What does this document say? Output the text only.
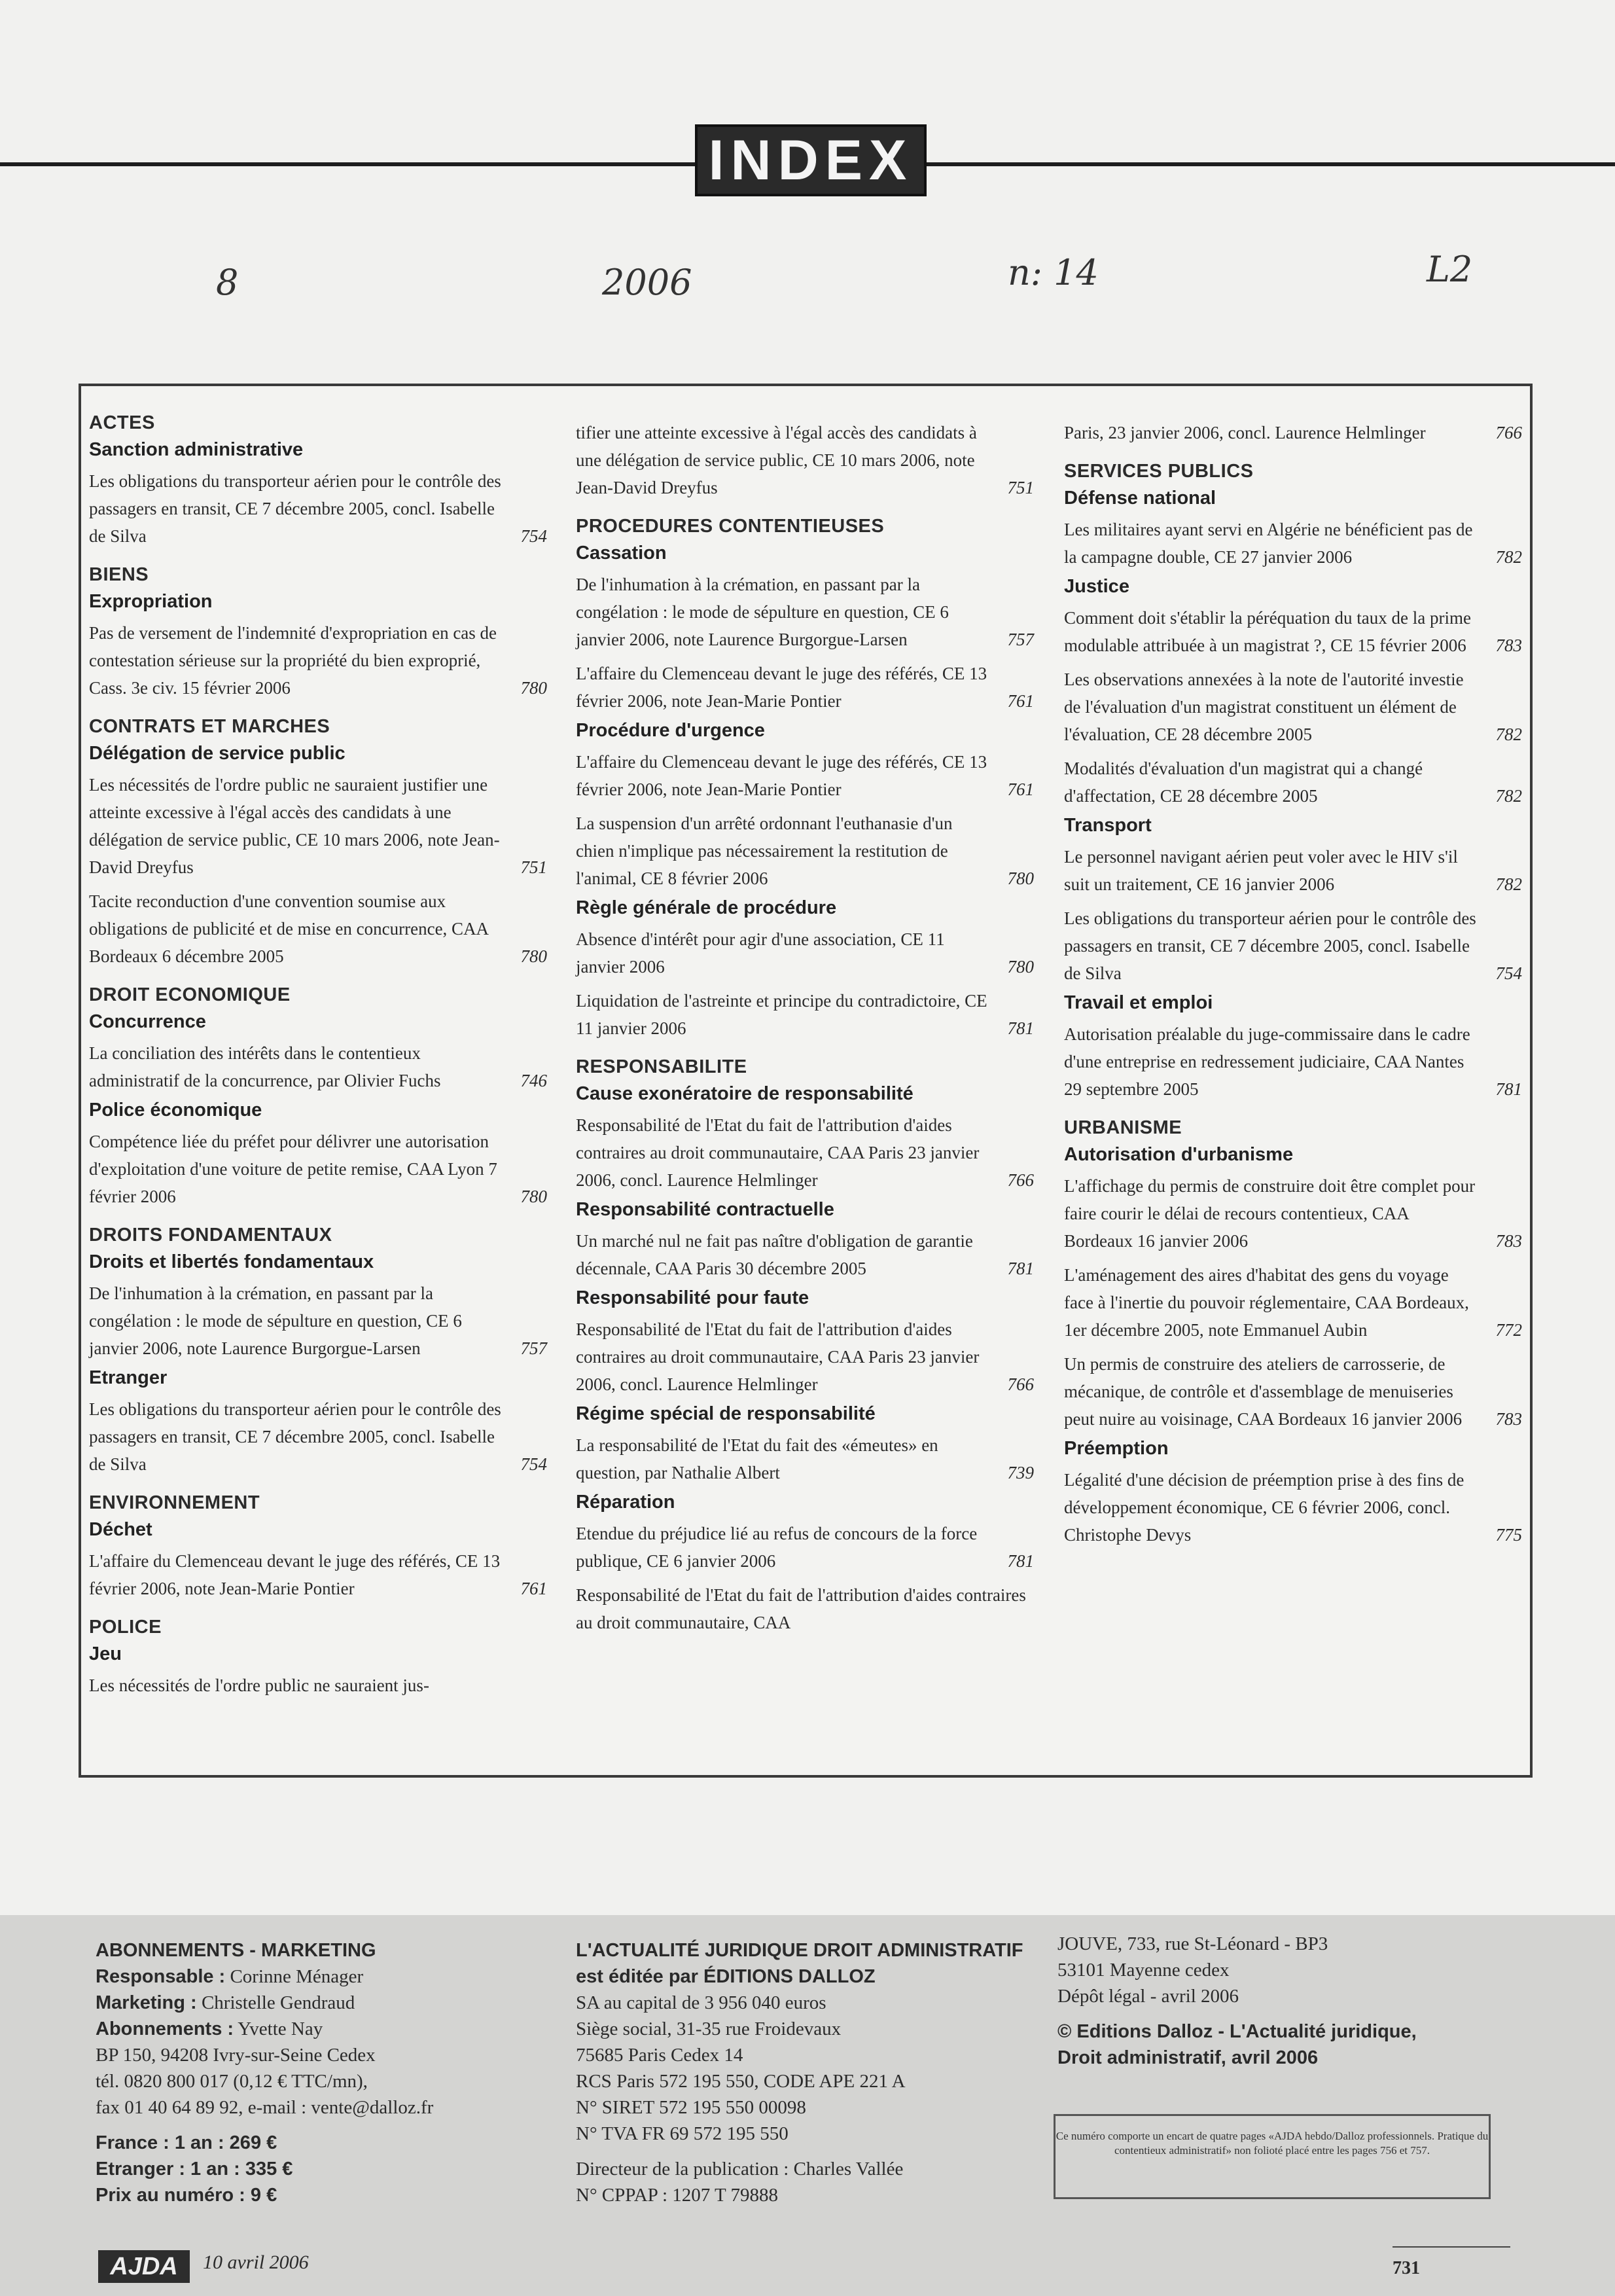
INDEX
8	2006	n: 14	L2
ACTES
Sanction administrative
Les obligations du transporteur aérien pour le contrôle des passagers en transit, CE 7 décembre 2005, concl. Isabelle de Silva	754
BIENS
Expropriation
Pas de versement de l'indemnité d'expropriation en cas de contestation sérieuse sur la propriété du bien exproprié, Cass. 3e civ. 15 février 2006	780
CONTRATS ET MARCHES
Délégation de service public
Les nécessités de l'ordre public ne sauraient justifier une atteinte excessive à l'égal accès des candidats à une délégation de service public, CE 10 mars 2006, note Jean-David Dreyfus	751
Tacite reconduction d'une convention soumise aux obligations de publicité et de mise en concurrence, CAA Bordeaux 6 décembre 2005	780
DROIT ECONOMIQUE
Concurrence
La conciliation des intérêts dans le contentieux administratif de la concurrence, par Olivier Fuchs	746
Police économique
Compétence liée du préfet pour délivrer une autorisation d'exploitation d'une voiture de petite remise, CAA Lyon 7 février 2006	780
DROITS FONDAMENTAUX
Droits et libertés fondamentaux
De l'inhumation à la crémation, en passant par la congélation : le mode de sépulture en question, CE 6 janvier 2006, note Laurence Burgorgue-Larsen	757
Etranger
Les obligations du transporteur aérien pour le contrôle des passagers en transit, CE 7 décembre 2005, concl. Isabelle de Silva	754
ENVIRONNEMENT
Déchet
L'affaire du Clemenceau devant le juge des référés, CE 13 février 2006, note Jean-Marie Pontier	761
POLICE
Jeu
Les nécessités de l'ordre public ne sauraient jus-
tifier une atteinte excessive à l'égal accès des candidats à une délégation de service public, CE 10 mars 2006, note Jean-David Dreyfus	751
PROCEDURES CONTENTIEUSES
Cassation
De l'inhumation à la crémation, en passant par la congélation : le mode de sépulture en question, CE 6 janvier 2006, note Laurence Burgorgue-Larsen	757
L'affaire du Clemenceau devant le juge des référés, CE 13 février 2006, note Jean-Marie Pontier	761
Procédure d'urgence
L'affaire du Clemenceau devant le juge des référés, CE 13 février 2006, note Jean-Marie Pontier	761
La suspension d'un arrêté ordonnant l'euthanasie d'un chien n'implique pas nécessairement la restitution de l'animal, CE 8 février 2006	780
Règle générale de procédure
Absence d'intérêt pour agir d'une association, CE 11 janvier 2006	780
Liquidation de l'astreinte et principe du contradictoire, CE 11 janvier 2006	781
RESPONSABILITE
Cause exonératoire de responsabilité
Responsabilité de l'Etat du fait de l'attribution d'aides contraires au droit communautaire, CAA Paris 23 janvier 2006, concl. Laurence Helmlinger	766
Responsabilité contractuelle
Un marché nul ne fait pas naître d'obligation de garantie décennale, CAA Paris 30 décembre 2005	781
Responsabilité pour faute
Responsabilité de l'Etat du fait de l'attribution d'aides contraires au droit communautaire, CAA Paris 23 janvier 2006, concl. Laurence Helmlinger	766
Régime spécial de responsabilité
La responsabilité de l'Etat du fait des «émeutes» en question, par Nathalie Albert	739
Réparation
Etendue du préjudice lié au refus de concours de la force publique, CE 6 janvier 2006	781
Responsabilité de l'Etat du fait de l'attribution d'aides contraires au droit communautaire, CAA
Paris, 23 janvier 2006, concl. Laurence Helmlinger	766
SERVICES PUBLICS
Défense national
Les militaires ayant servi en Algérie ne bénéficient pas de la campagne double, CE 27 janvier 2006	782
Justice
Comment doit s'établir la péréquation du taux de la prime modulable attribuée à un magistrat ?, CE 15 février 2006	783
Les observations annexées à la note de l'autorité investie de l'évaluation d'un magistrat constituent un élément de l'évaluation, CE 28 décembre 2005	782
Modalités d'évaluation d'un magistrat qui a changé d'affectation, CE 28 décembre 2005	782
Transport
Le personnel navigant aérien peut voler avec le HIV s'il suit un traitement, CE 16 janvier 2006	782
Les obligations du transporteur aérien pour le contrôle des passagers en transit, CE 7 décembre 2005, concl. Isabelle de Silva	754
Travail et emploi
Autorisation préalable du juge-commissaire dans le cadre d'une entreprise en redressement judiciaire, CAA Nantes 29 septembre 2005	781
URBANISME
Autorisation d'urbanisme
L'affichage du permis de construire doit être complet pour faire courir le délai de recours contentieux, CAA Bordeaux 16 janvier 2006	783
L'aménagement des aires d'habitat des gens du voyage face à l'inertie du pouvoir réglementaire, CAA Bordeaux, 1er décembre 2005, note Emmanuel Aubin	772
Un permis de construire des ateliers de carrosserie, de mécanique, de contrôle et d'assemblage de menuiseries peut nuire au voisinage, CAA Bordeaux 16 janvier 2006	783
Préemption
Légalité d'une décision de préemption prise à des fins de développement économique, CE 6 février 2006, concl. Christophe Devys	775
ABONNEMENTS - MARKETING
Responsable : Corinne Ménager
Marketing : Christelle Gendraud
Abonnements : Yvette Nay
BP 150, 94208 Ivry-sur-Seine Cedex
tél. 0820 800 017 (0,12 € TTC/mn),
fax 01 40 64 89 92, e-mail : vente@dalloz.fr
France : 1 an : 269 €
Etranger : 1 an : 335 €
Prix au numéro : 9 €
L'ACTUALITÉ JURIDIQUE DROIT ADMINISTRATIF
est éditée par ÉDITIONS DALLOZ
SA au capital de 3 956 040 euros
Siège social, 31-35 rue Froidevaux
75685 Paris Cedex 14
RCS Paris 572 195 550, CODE APE 221 A
N° SIRET 572 195 550 00098
N° TVA FR 69 572 195 550
Directeur de la publication : Charles Vallée
N° CPPAP : 1207 T 79888
JOUVE, 733, rue St-Léonard - BP3
53101 Mayenne cedex
Dépôt légal - avril 2006
© Editions Dalloz - L'Actualité juridique,
Droit administratif, avril 2006
Ce numéro comporte un encart de quatre pages «AJDA hebdo/Dalloz professionnels. Pratique du contentieux administratif» non folioté placé entre les pages 756 et 757.
AJDA	10 avril 2006	731
